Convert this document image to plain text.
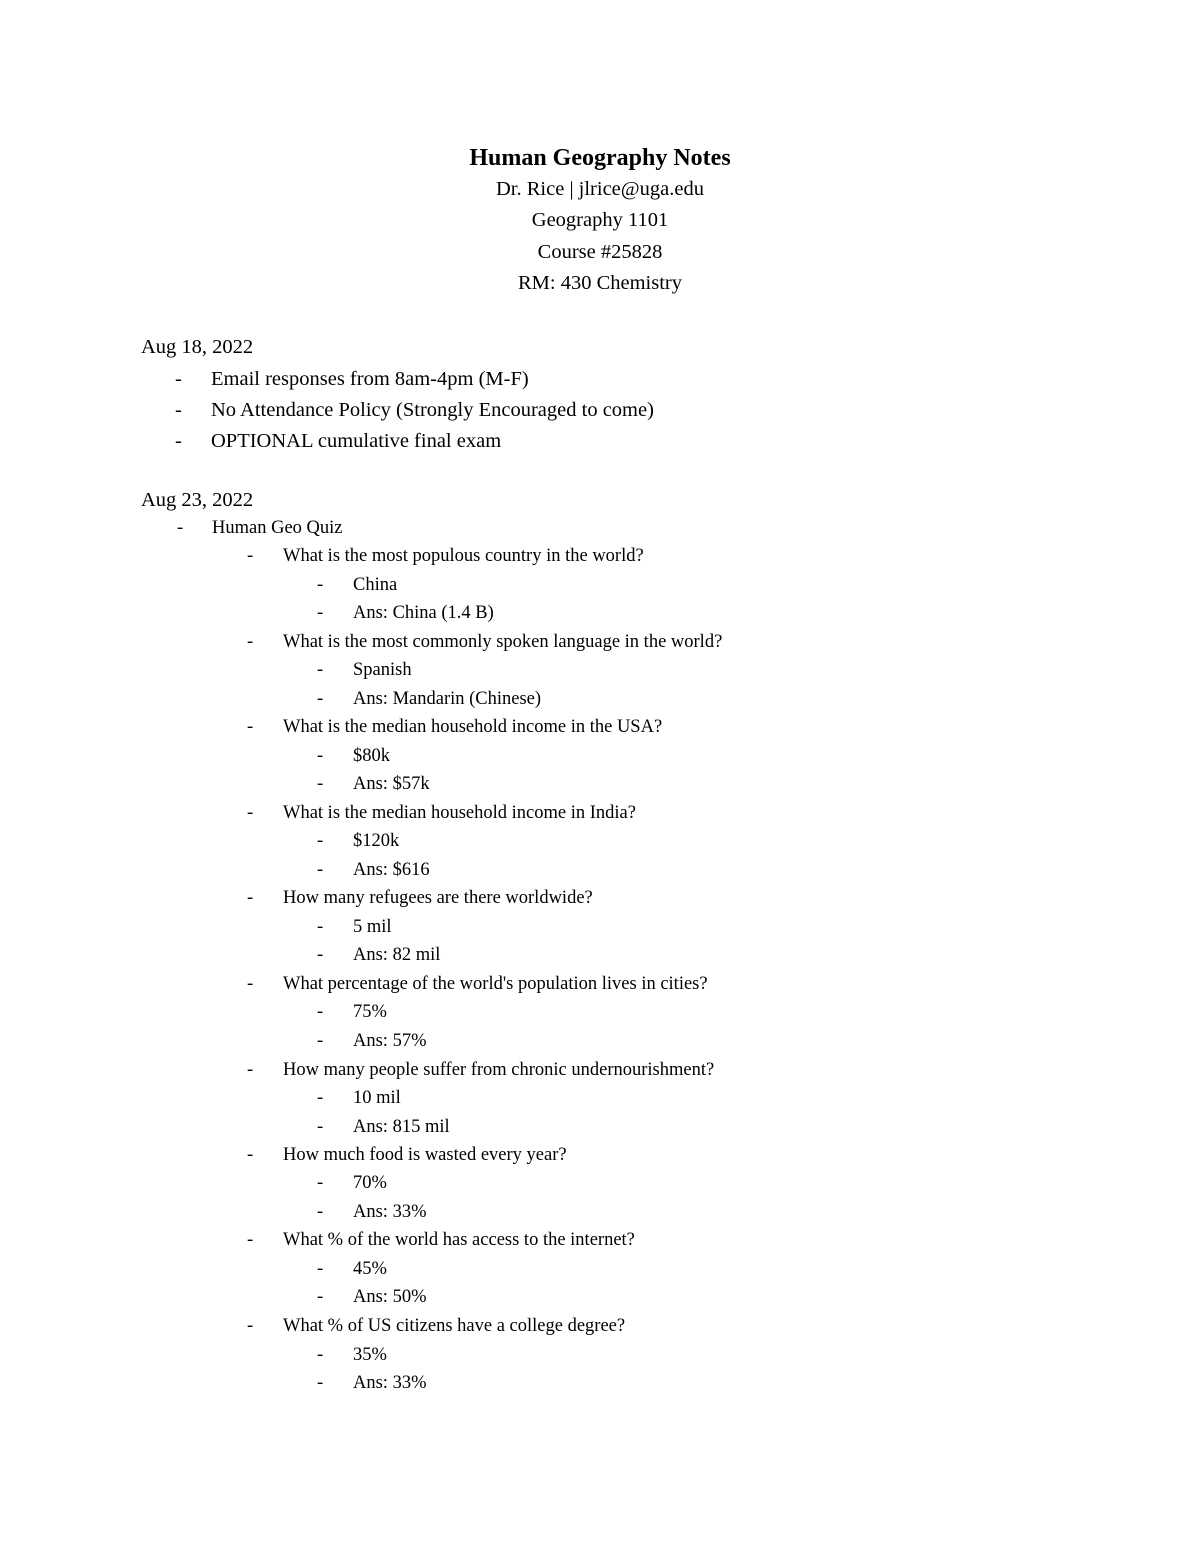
Human Geography Notes
Dr. Rice | jlrice@uga.edu
Geography 1101
Course #25828
RM: 430 Chemistry
Aug 18, 2022
- Email responses from 8am-4pm (M-F)
- No Attendance Policy (Strongly Encouraged to come)
- OPTIONAL cumulative final exam
Aug 23, 2022
- Human Geo Quiz
- What is the most populous country in the world?
- China
- Ans: China (1.4 B)
- What is the most commonly spoken language in the world?
- Spanish
- Ans: Mandarin (Chinese)
- What is the median household income in the USA?
- $80k
- Ans: $57k
- What is the median household income in India?
- $120k
- Ans: $616
- How many refugees are there worldwide?
- 5 mil
- Ans: 82 mil
- What percentage of the world's population lives in cities?
- 75%
- Ans: 57%
- How many people suffer from chronic undernourishment?
- 10 mil
- Ans: 815 mil
- How much food is wasted every year?
- 70%
- Ans: 33%
- What % of the world has access to the internet?
- 45%
- Ans: 50%
- What % of US citizens have a college degree?
- 35%
- Ans: 33%
